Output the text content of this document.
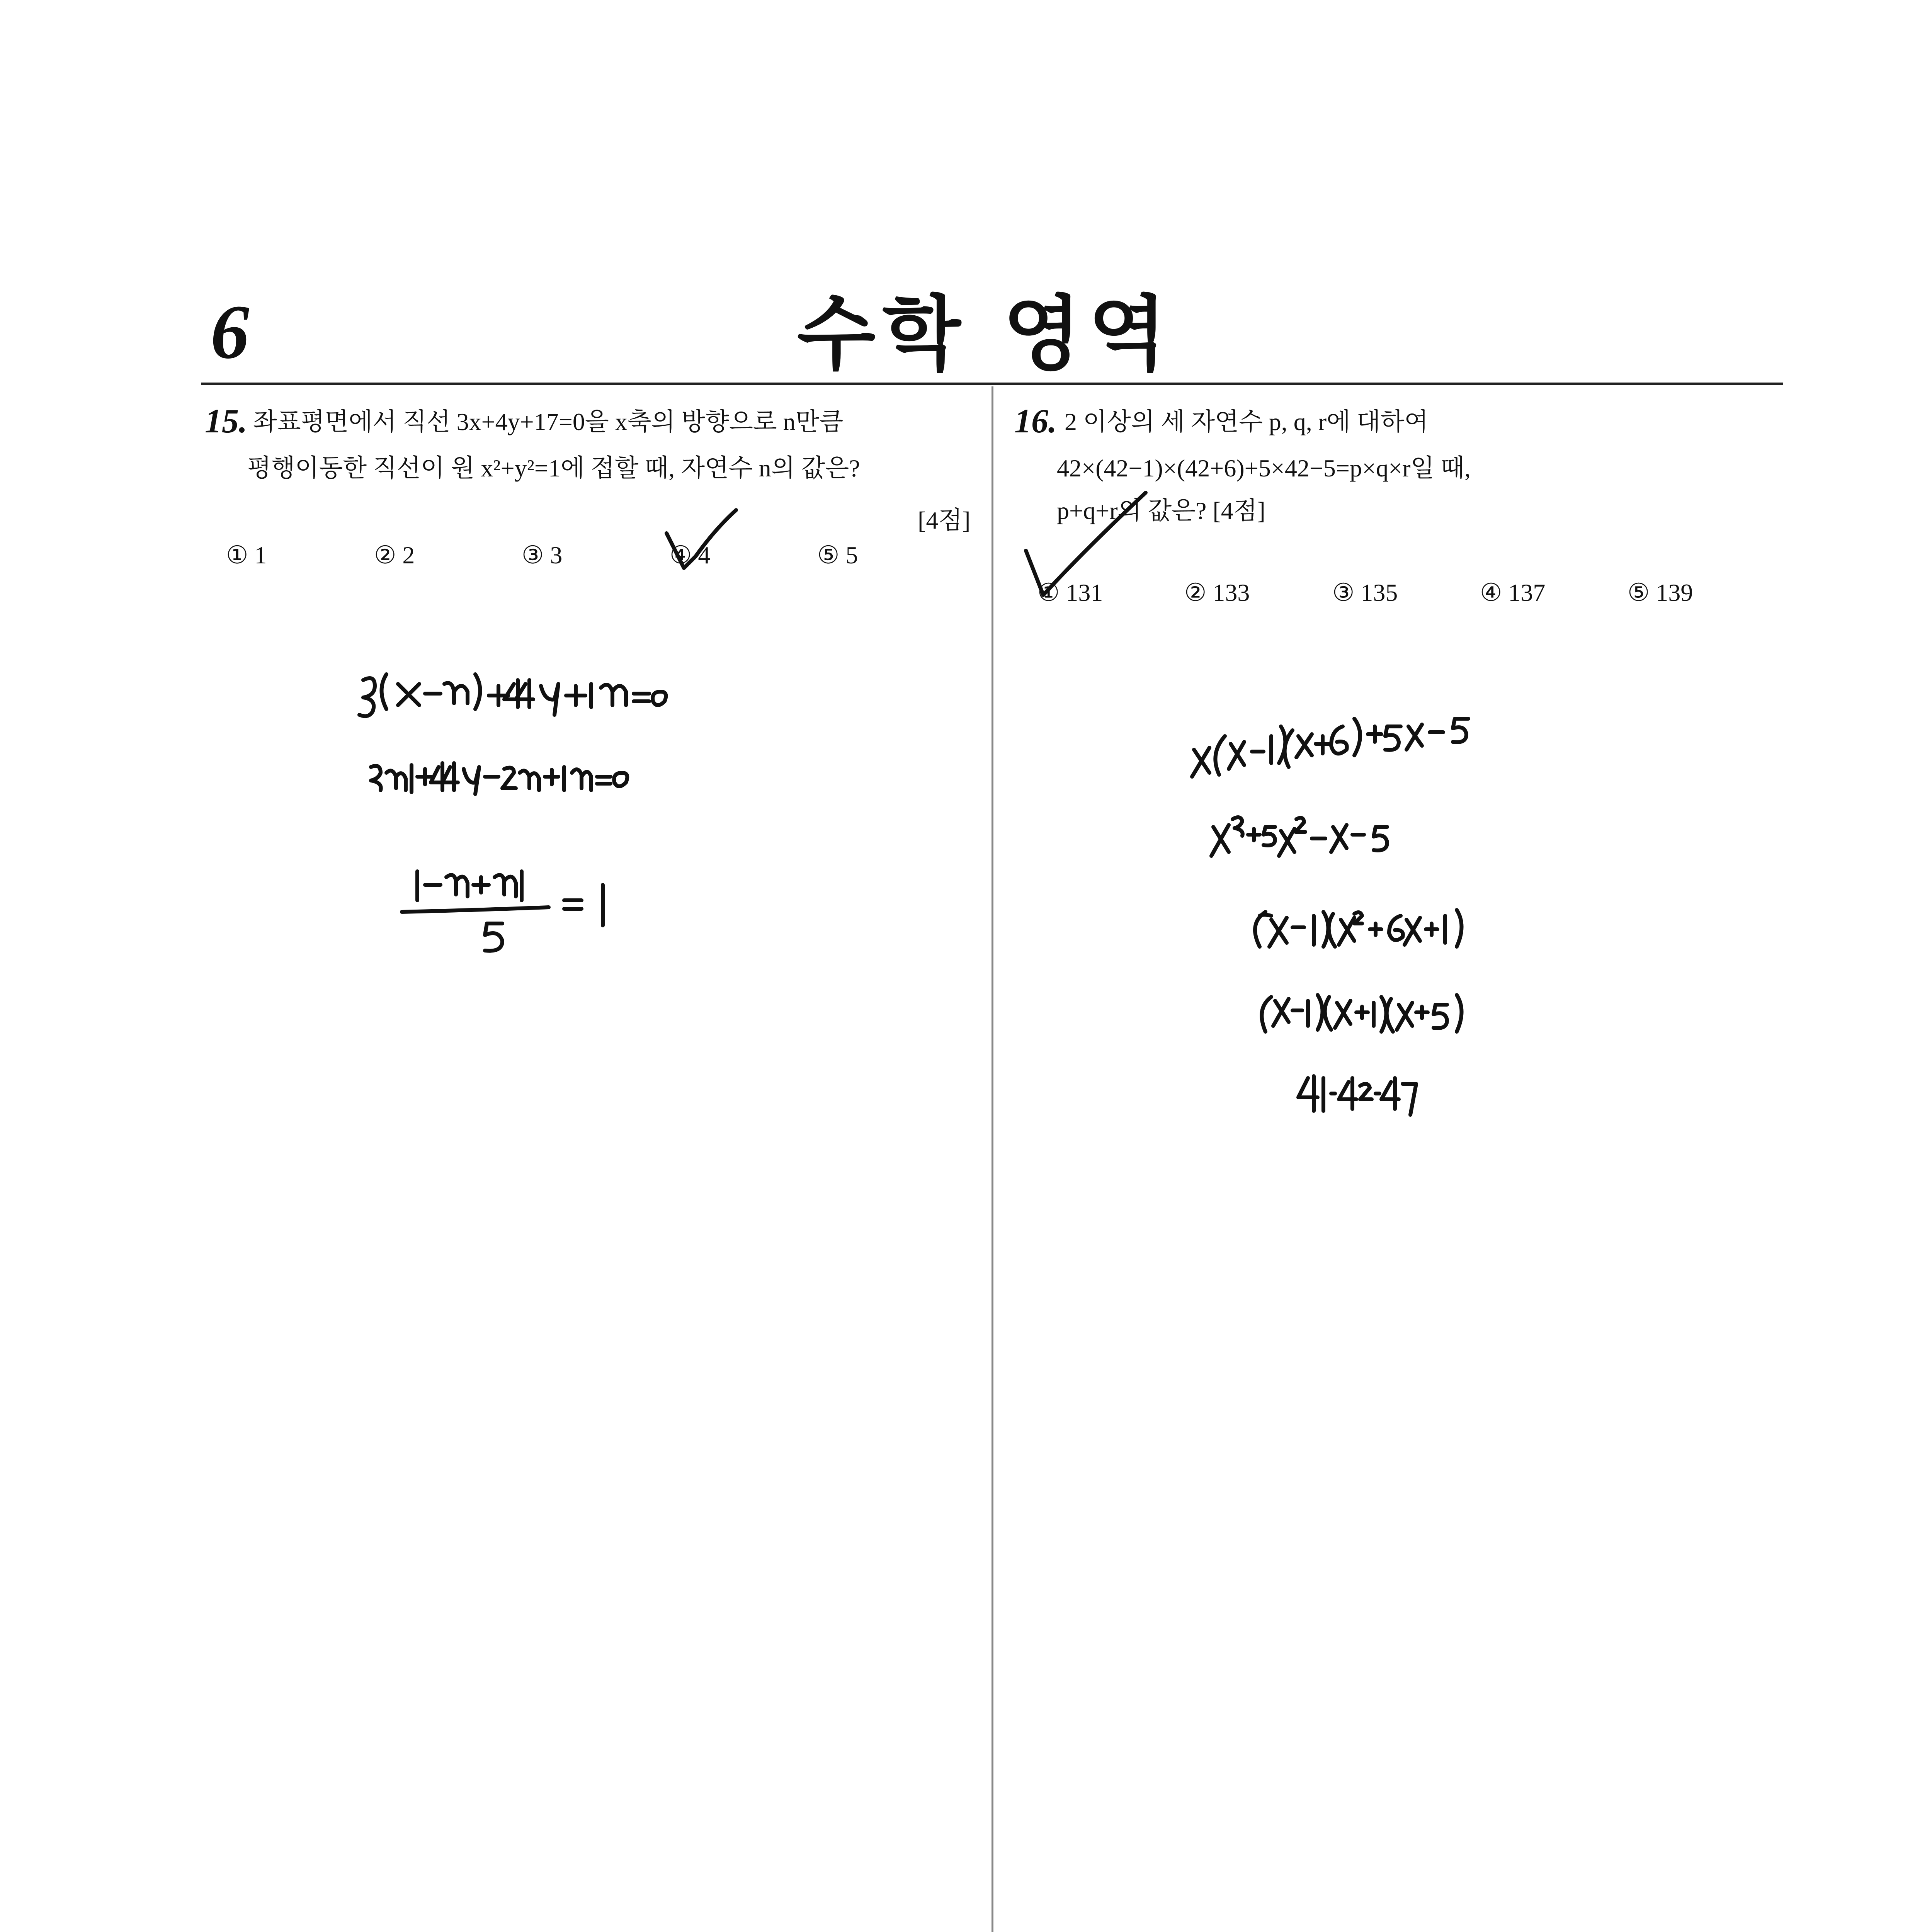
6	수학 영역
15. 좌표평면에서 직선 3x+4y+17=0을 x축의 방향으로 n만큼
평행이동한 직선이 원 x²+y²=1에 접할 때, 자연수 n의 값은?
[4점]
① 1	② 2	③ 3	④ 4	⑤ 5
16. 2 이상의 세 자연수 p, q, r에 대하여
42×(42−1)×(42+6)+5×42−5=p×q×r일 때,
p+q+r의 값은? [4점]
① 131	② 133	③ 135	④ 137	⑤ 139
